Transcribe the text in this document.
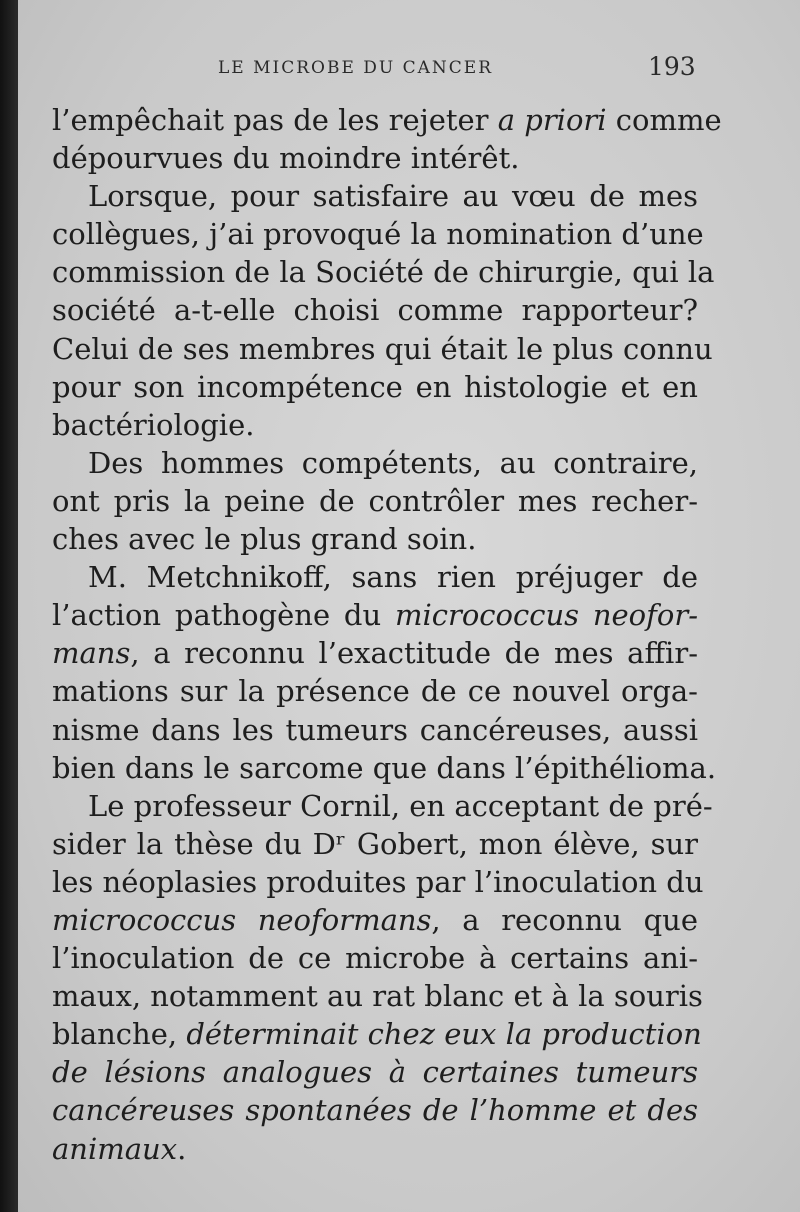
LE MICROBE DU CANCER	193
l’empêchait pas de les rejeter a priori comme
dépourvues du moindre intérêt.
Lorsque, pour satisfaire au vœu de mes
collègues, j’ai provoqué la nomination d’une
commission de la Société de chirurgie, qui la
société a-t-elle choisi comme rapporteur?
Celui de ses membres qui était le plus connu
pour son incompétence en histologie et en
bactériologie.
Des hommes compétents, au contraire,
ont pris la peine de contrôler mes recher-
ches avec le plus grand soin.
M. Metchnikoff, sans rien préjuger de
l’action pathogène du micrococcus neofor-
mans, a reconnu l’exactitude de mes affir-
mations sur la présence de ce nouvel orga-
nisme dans les tumeurs cancéreuses, aussi
bien dans le sarcome que dans l’épithélioma.
Le professeur Cornil, en acceptant de pré-
sider la thèse du Dʳ Gobert, mon élève, sur
les néoplasies produites par l’inoculation du
micrococcus neoformans, a reconnu que
l’inoculation de ce microbe à certains ani-
maux, notamment au rat blanc et à la souris
blanche, déterminait chez eux la production
de lésions analogues à certaines tumeurs
cancéreuses spontanées de l’homme et des
animaux.
